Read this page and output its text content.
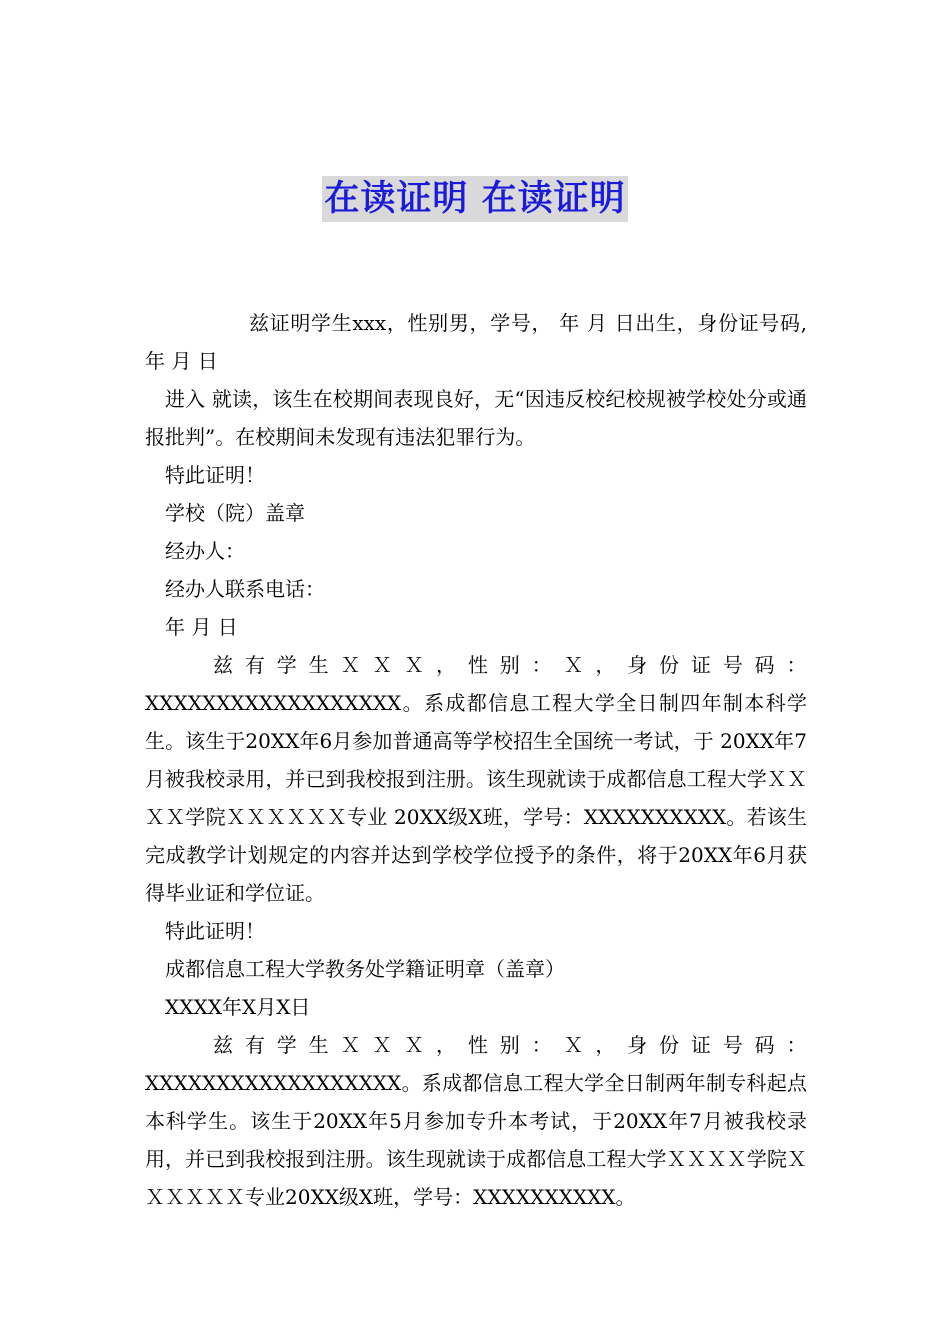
在读证明 在读证明

兹证明学生xxx，性别男，学号， 年 月 日出生，身份证号码,年 月 日

进入 就读，该生在校期间表现良好，无“因违反校纪校规被学校处分或通报批判”。在校期间未发现有违法犯罪行为。

特此证明！

学校（院）盖章

经办人：

经办人联系电话：

年 月 日

兹 有 学 生 Ｘ Ｘ Ｘ ， 性 别 ： Ｘ ， 身 份 证 号 码 ：

XXXXXXXXXXXXXXXXXX。系成都信息工程大学全日制四年制本科学生。该生于20XX年6月参加普通高等学校招生全国统一考试，于 20XX年7月被我校录用，并已到我校报到注册。该生现就读于成都信息工程大学ＸＸＸＸ学院ＸＸＸＸＸＸ专业 20XX级X班，学号：XXXXXXXXXX。若该生完成教学计划规定的内容并达到学校学位授予的条件，将于20XX年6月获得毕业证和学位证。

特此证明！

成都信息工程大学教务处学籍证明章（盖章）

XXXX年X月X日

兹 有 学 生 Ｘ Ｘ Ｘ ， 性 别 ： Ｘ ， 身 份 证 号 码 ：

XXXXXXXXXXXXXXXXXX。系成都信息工程大学全日制两年制专科起点本科学生。该生于20XX年5月参加专升本考试，于20XX年7月被我校录用，并已到我校报到注册。该生现就读于成都信息工程大学ＸＸＸＸ学院ＸＸＸＸＸＸ专业20XX级X班，学号：XXXXXXXXXX。
